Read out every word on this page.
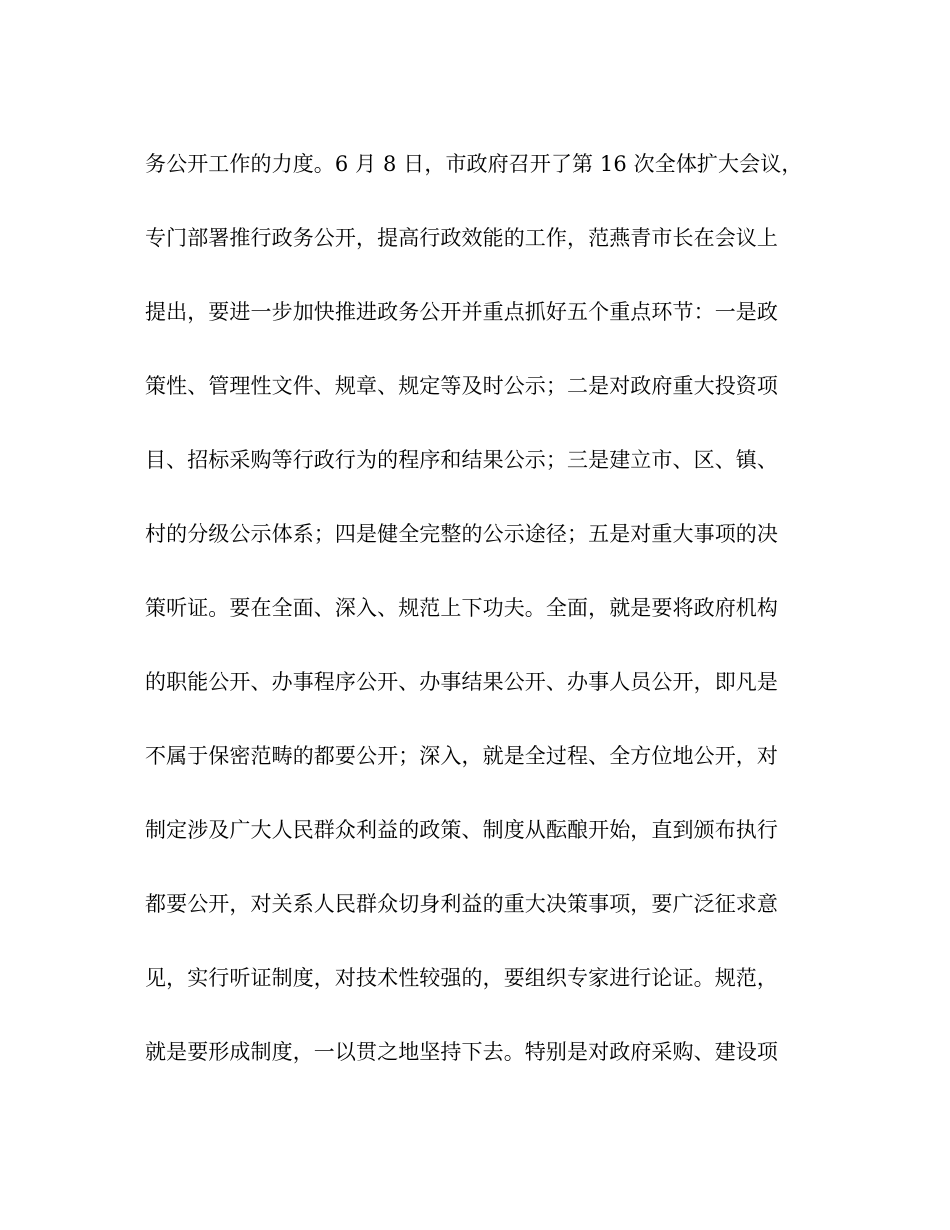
务公开工作的力度。6 月 8 日，市政府召开了第 16 次全体扩大会议，
专门部署推行政务公开，提高行政效能的工作，范燕青市长在会议上
提出，要进一步加快推进政务公开并重点抓好五个重点环节：一是政
策性、管理性文件、规章、规定等及时公示；二是对政府重大投资项
目、招标采购等行政行为的程序和结果公示；三是建立市、区、镇、
村的分级公示体系；四是健全完整的公示途径；五是对重大事项的决
策听证。要在全面、深入、规范上下功夫。全面，就是要将政府机构
的职能公开、办事程序公开、办事结果公开、办事人员公开，即凡是
不属于保密范畴的都要公开；深入，就是全过程、全方位地公开，对
制定涉及广大人民群众利益的政策、制度从酝酿开始，直到颁布执行
都要公开，对关系人民群众切身利益的重大决策事项，要广泛征求意
见，实行听证制度，对技术性较强的，要组织专家进行论证。规范，
就是要形成制度，一以贯之地坚持下去。特别是对政府采购、建设项
